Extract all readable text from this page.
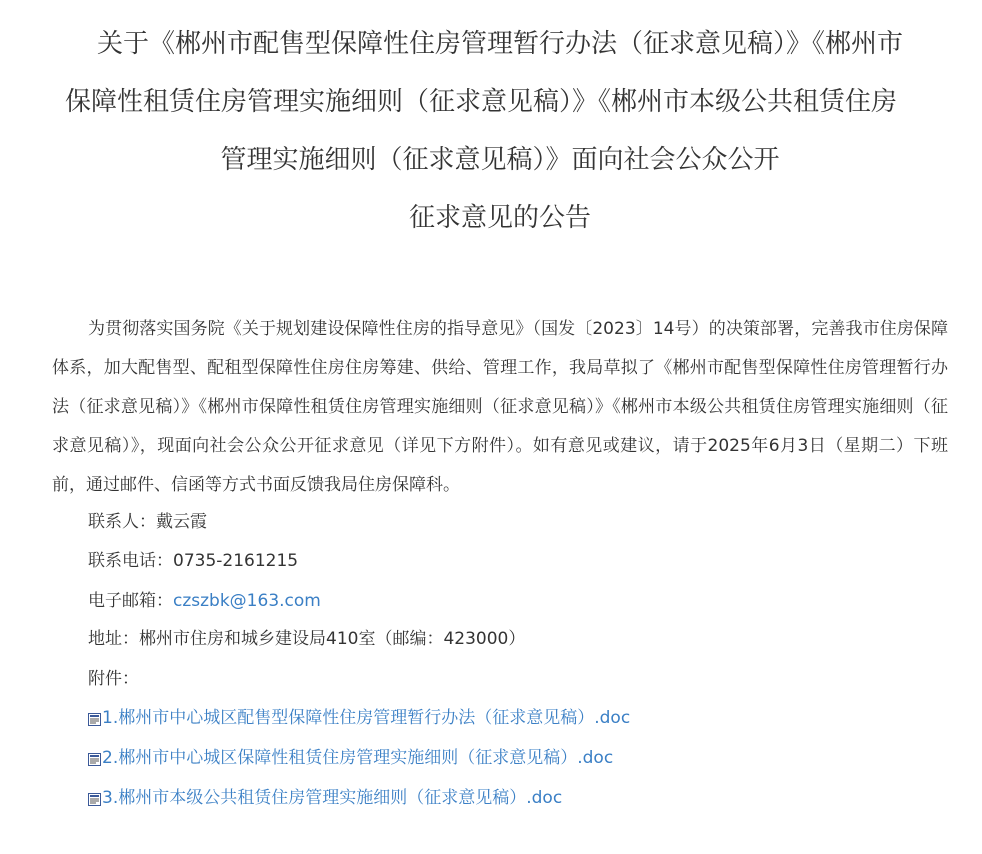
关于《郴州市配售型保障性住房管理暂行办法（征求意见稿）》《郴州市
保障性租赁住房管理实施细则（征求意见稿）》《郴州市本级公共租赁住房
管理实施细则（征求意见稿）》面向社会公众公开
征求意见的公告
为贯彻落实国务院《关于规划建设保障性住房的指导意见》（国发〔2023〕14号）的决策部署，完善我市住房保障体系，加大配售型、配租型保障性住房住房筹建、供给、管理工作，我局草拟了《郴州市配售型保障性住房管理暂行办法（征求意见稿）》《郴州市保障性租赁住房管理实施细则（征求意见稿）》《郴州市本级公共租赁住房管理实施细则（征求意见稿）》，现面向社会公众公开征求意见（详见下方附件）。如有意见或建议，请于2025年6月3日（星期二）下班前，通过邮件、信函等方式书面反馈我局住房保障科。
联系人：戴云霞
联系电话：0735-2161215
电子邮箱：czszbk@163.com
地址：郴州市住房和城乡建设局410室（邮编：423000）
附件：
1.郴州市中心城区配售型保障性住房管理暂行办法（征求意见稿）.doc
2.郴州市中心城区保障性租赁住房管理实施细则（征求意见稿）.doc
3.郴州市本级公共租赁住房管理实施细则（征求意见稿）.doc
